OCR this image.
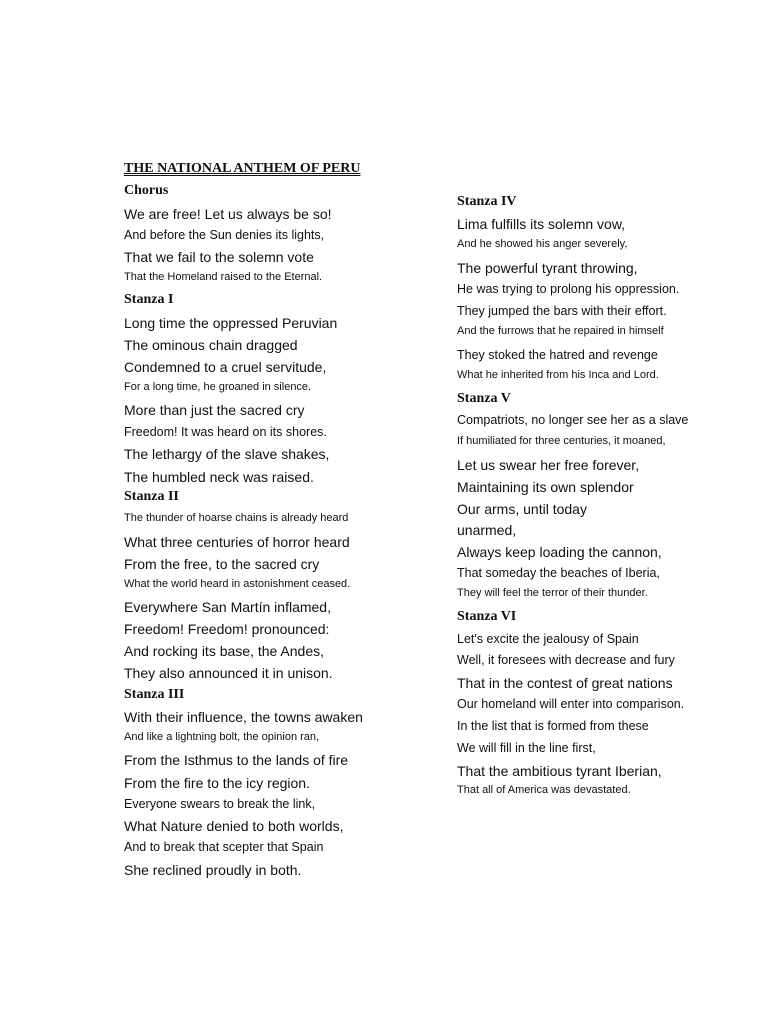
THE NATIONAL ANTHEM OF PERU
Chorus
We are free! Let us always be so!
And before the Sun denies its lights,
That we fail to the solemn vote
That the Homeland raised to the Eternal.
Stanza I
Long time the oppressed Peruvian
The ominous chain dragged
Condemned to a cruel servitude,
For a long time, he groaned in silence.
More than just the sacred cry
Freedom! It was heard on its shores.
The lethargy of the slave shakes,
The humbled neck was raised.
Stanza II
The thunder of hoarse chains is already heard
What three centuries of horror heard
From the free, to the sacred cry
What the world heard in astonishment ceased.
Everywhere San Martín inflamed,
Freedom! Freedom! pronounced:
And rocking its base, the Andes,
They also announced it in unison.
Stanza III
With their influence, the towns awaken
And like a lightning bolt, the opinion ran,
From the Isthmus to the lands of fire
From the fire to the icy region.
Everyone swears to break the link,
What Nature denied to both worlds,
And to break that scepter that Spain
She reclined proudly in both.
Stanza IV
Lima fulfills its solemn vow,
And he showed his anger severely,
The powerful tyrant throwing,
He was trying to prolong his oppression.
They jumped the bars with their effort.
And the furrows that he repaired in himself
They stoked the hatred and revenge
What he inherited from his Inca and Lord.
Stanza V
Compatriots, no longer see her as a slave
If humiliated for three centuries, it moaned,
Let us swear her free forever,
Maintaining its own splendor
Our arms, until today
unarmed,
Always keep loading the cannon,
That someday the beaches of Iberia,
They will feel the terror of their thunder.
Stanza VI
Let's excite the jealousy of Spain
Well, it foresees with decrease and fury
That in the contest of great nations
Our homeland will enter into comparison.
In the list that is formed from these
We will fill in the line first,
That the ambitious tyrant Iberian,
That all of America was devastated.
